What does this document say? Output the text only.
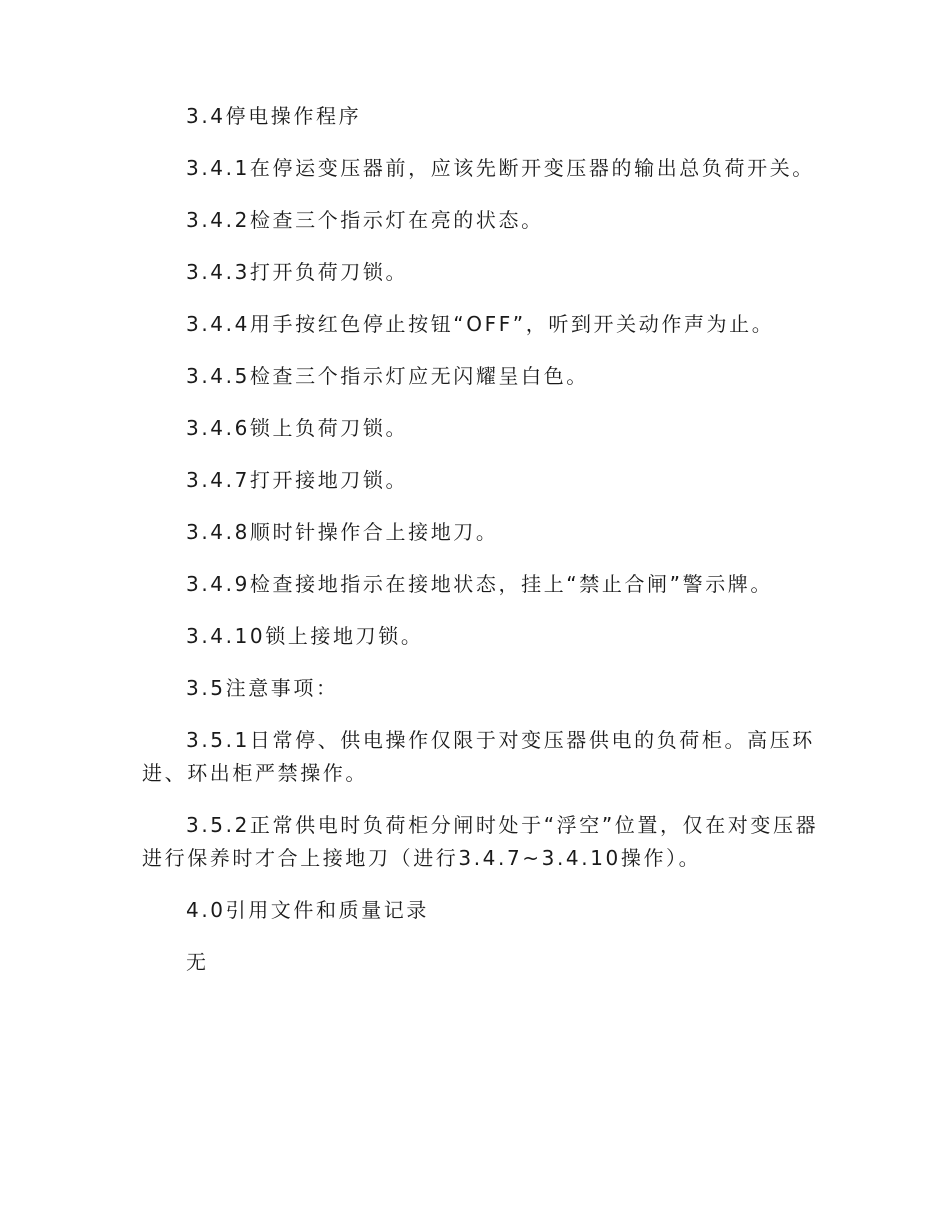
3.4停电操作程序

3.4.1在停运变压器前，应该先断开变压器的输出总负荷开关。

3.4.2检查三个指示灯在亮的状态。

3.4.3打开负荷刀锁。

3.4.4用手按红色停止按钮“OFF”，听到开关动作声为止。

3.4.5检查三个指示灯应无闪耀呈白色。

3.4.6锁上负荷刀锁。

3.4.7打开接地刀锁。

3.4.8顺时针操作合上接地刀。

3.4.9检查接地指示在接地状态，挂上“禁止合闸”警示牌。

3.4.10锁上接地刀锁。

3.5注意事项：

3.5.1日常停、供电操作仅限于对变压器供电的负荷柜。高压环进、环出柜严禁操作。

3.5.2正常供电时负荷柜分闸时处于“浮空”位置，仅在对变压器进行保养时才合上接地刀（进行3.4.7~3.4.10操作）。

4.0引用文件和质量记录

无
